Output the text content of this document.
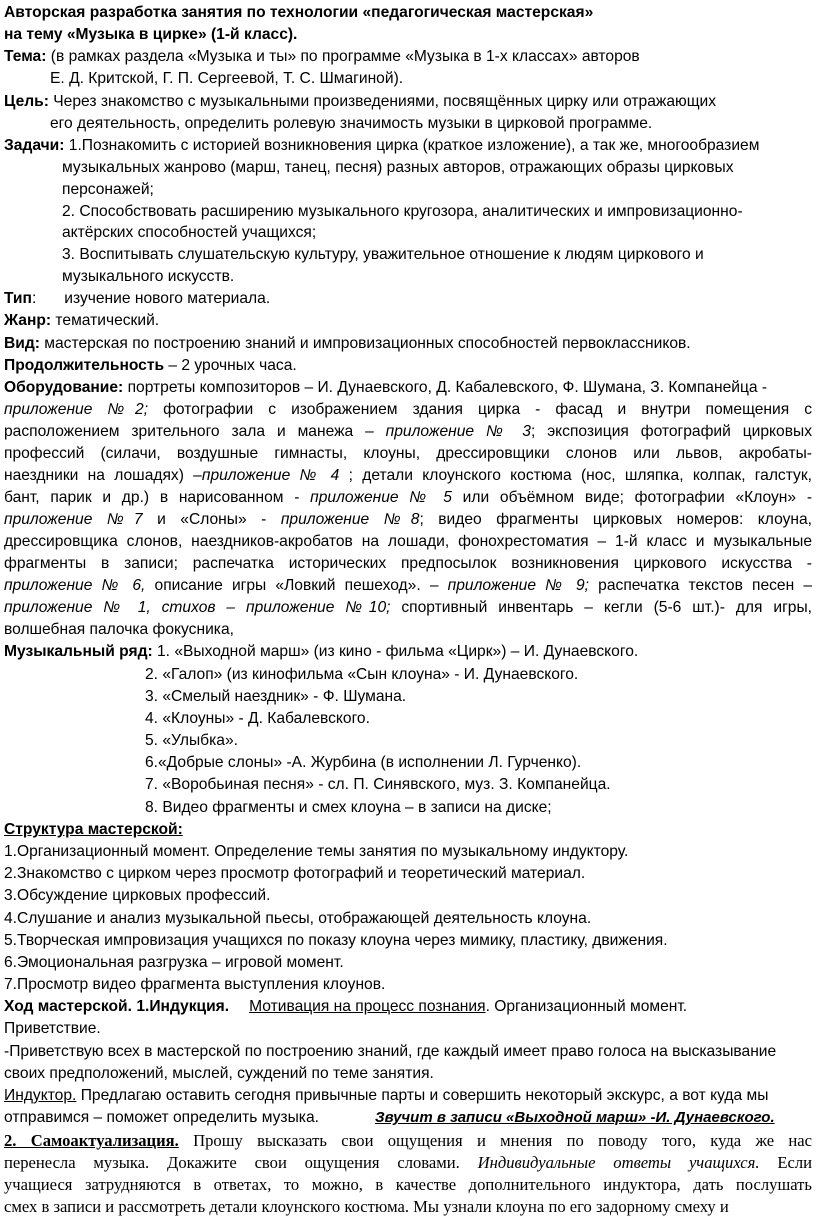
Авторская разработка занятия по технологии «педагогическая мастерская»
на тему «Музыка в цирке» (1-й класс).
Тема: (в рамках раздела «Музыка и ты» по программе «Музыка в 1-х классах» авторов
Е. Д. Критской, Г. П. Сергеевой, Т. С. Шмагиной).
Цель: Через знакомство с музыкальными произведениями, посвящённых цирку или отражающих
его деятельность, определить ролевую значимость музыки в цирковой программе.
Задачи: 1.Познакомить с историей возникновения цирка (краткое изложение), а так же, многообразием
музыкальных жанрово (марш, танец, песня) разных авторов, отражающих образы цирковых
персонажей;
2. Способствовать расширению музыкального кругозора, аналитических и импровизационно-
актёрских способностей учащихся;
3. Воспитывать слушательскую культуру, уважительное отношение к людям циркового и
музыкального искусств.
Тип: изучение нового материала.
Жанр: тематический.
Вид: мастерская по построению знаний и импровизационных способностей первоклассников.
Продолжительность – 2 урочных часа.
Оборудование: портреты композиторов – И. Дунаевского, Д. Кабалевского, Ф. Шумана, З. Компанейца -
приложение №2; фотографии с изображением здания цирка - фасад и внутри помещения с
расположением зрительного зала и манежа – приложение № 3; экспозиция фотографий цирковых
профессий (силачи, воздушные гимнасты, клоуны, дрессировщики слонов или львов, акробаты-
наездники на лошадях) –приложение № 4 ; детали клоунского костюма (нос, шляпка, колпак, галстук,
бант, парик и др.) в нарисованном - приложение № 5 или объёмном виде; фотографии «Клоун» -
приложение №7 и «Слоны» - приложение №8; видео фрагменты цирковых номеров: клоуна,
дрессировщика слонов, наездников-акробатов на лошади, фонохрестоматия – 1-й класс и музыкальные
фрагменты в записи; распечатка исторических предпосылок возникновения циркового искусства -
приложение № 6, описание игры «Ловкий пешеход». – приложение № 9; распечатка текстов песен –
приложение № 1, стихов – приложение №10; спортивный инвентарь – кегли (5-6 шт.)- для игры,
волшебная палочка фокусника,
Музыкальный ряд: 1. «Выходной марш» (из кино - фильма «Цирк») – И. Дунаевского.
2. «Галоп» (из кинофильма «Сын клоуна» - И. Дунаевского.
3. «Смелый наездник» - Ф. Шумана.
4. «Клоуны» - Д. Кабалевского.
5. «Улыбка».
6.«Добрые слоны» -А. Журбина (в исполнении Л. Гурченко).
7. «Воробьиная песня» - сл. П. Синявского, муз. З. Компанейца.
8. Видео фрагменты и смех клоуна – в записи на диске;
Структура мастерской:
1.Организационный момент. Определение темы занятия по музыкальному индуктору.
2.Знакомство с цирком через просмотр фотографий и теоретический материал.
3.Обсуждение цирковых профессий.
4.Слушание и анализ музыкальной пьесы, отображающей деятельность клоуна.
5.Творческая импровизация учащихся по показу клоуна через мимику, пластику, движения.
6.Эмоциональная разгрузка – игровой момент.
7.Просмотр видео фрагмента выступления клоунов.
Ход мастерской. 1.Индукция. Мотивация на процесс познания. Организационный момент.
Приветствие.
-Приветствую всех в мастерской по построению знаний, где каждый имеет право голоса на высказывание
своих предположений, мыслей, суждений по теме занятия.
Индуктор. Предлагаю оставить сегодня привычные парты и совершить некоторый экскурс, а вот куда мы
отправимся – поможет определить музыка.	Звучит в записи «Выходной марш» -И. Дунаевского.
2. Самоактуализация. Прошу высказать свои ощущения и мнения по поводу того, куда же нас
перенесла музыка. Докажите свои ощущения словами. Индивидуальные ответы учащихся. Если
учащиеся затрудняются в ответах, то можно, в качестве дополнительного индуктора, дать послушать
смех в записи и рассмотреть детали клоунского костюма. Мы узнали клоуна по его задорному смеху и
